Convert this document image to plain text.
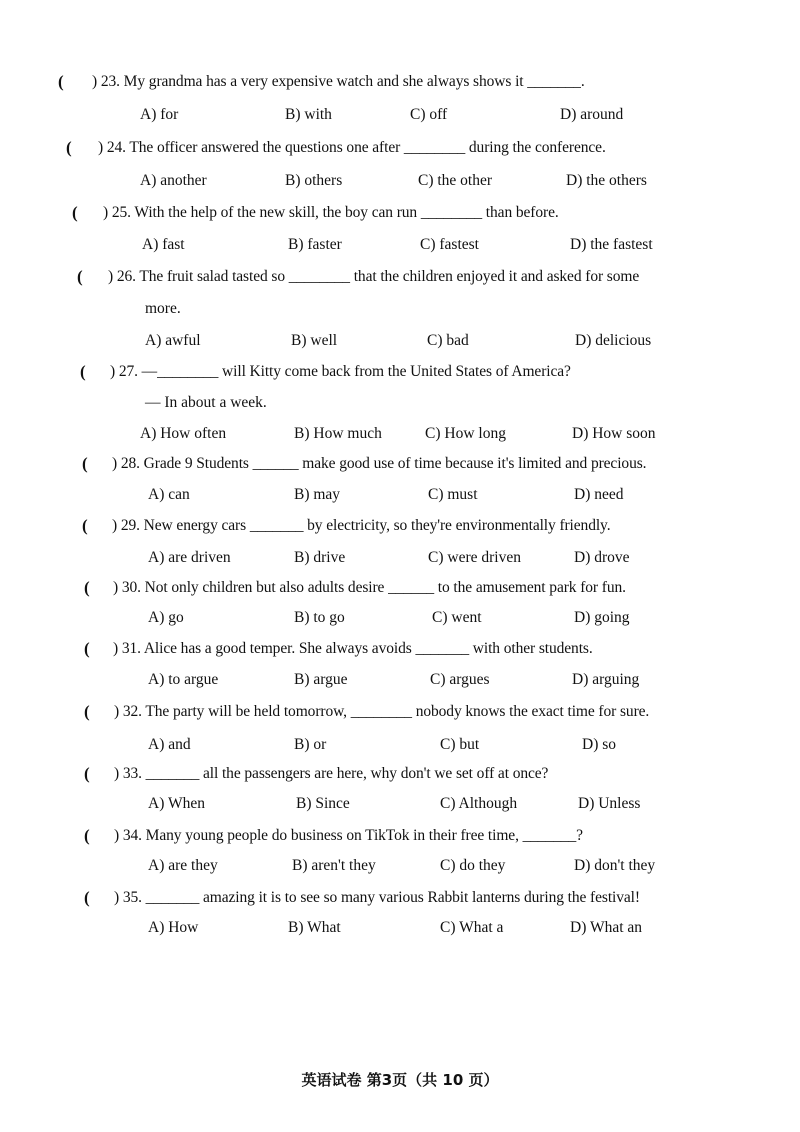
( ) 23. My grandma has a very expensive watch and she always shows it _______.
A) for	B) with	C) off	D) around
( ) 24. The officer answered the questions one after ________ during the conference.
A) another	B) others	C) the other	D) the others
( ) 25. With the help of the new skill, the boy can run ________ than before.
A) fast	B) faster	C) fastest	D) the fastest
( ) 26. The fruit salad tasted so ________ that the children enjoyed it and asked for some
more.
A) awful	B) well	C) bad	D) delicious
( ) 27. —________ will Kitty come back from the United States of America?
— In about a week.
A) How often	B) How much	C) How long	D) How soon
( ) 28. Grade 9 Students ______ make good use of time because it's limited and precious.
A) can	B) may	C) must	D) need
( ) 29. New energy cars _______ by electricity, so they're environmentally friendly.
A) are driven	B) drive	C) were driven	D) drove
( ) 30. Not only children but also adults desire ______ to the amusement park for fun.
A) go	B) to go	C) went	D) going
( ) 31. Alice has a good temper. She always avoids _______ with other students.
A) to argue	B) argue	C) argues	D) arguing
( ) 32. The party will be held tomorrow, ________ nobody knows the exact time for sure.
A) and	B) or	C) but	D) so
( ) 33. _______ all the passengers are here, why don't we set off at once?
A) When	B) Since	C) Although	D) Unless
( ) 34. Many young people do business on TikTok in their free time, _______?
A) are they	B) aren't they	C) do they	D) don't they
( ) 35. _______ amazing it is to see so many various Rabbit lanterns during the festival!
A) How	B) What	C) What a	D) What an
英语试卷 第3页（共 10 页）
